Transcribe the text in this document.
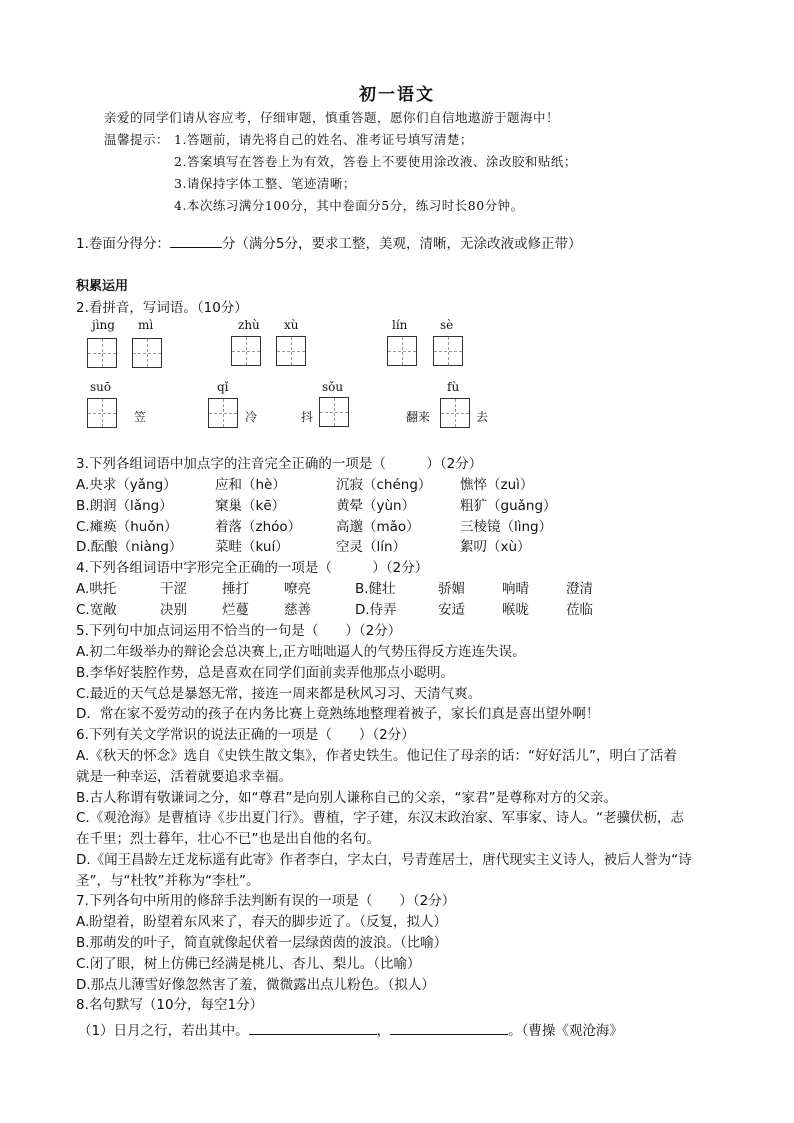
初一语文
亲爱的同学们请从容应考，仔细审题，慎重答题，愿你们自信地遨游于题海中！
温馨提示： 1.答题前，请先将自己的姓名、准考证号填写清楚；
2.答案填写在答卷上为有效，答卷上不要使用涂改液、涂改胶和贴纸；
3.请保持字体工整、笔迹清晰；
4.本次练习满分100分，其中卷面分5分，练习时长80分钟。
1.卷面分得分：	分（满分5分，要求工整，美观，清晰，无涂改液或修正带）
积累运用
2.看拼音，写词语。（10分）
jìng mì	zhù xù	lín	sè
suō	qǐ	sǒu	fù
笠	冷	抖	翻来	去
3.下列各组词语中加点字的注音完全正确的一项是（　　　）（2分）
A.央求（yǎng）	应和（hè）	沉寂（chéng） 憔悴（zuì）
B.朗润（lǎng）	窠巢（kē）	黄晕（yùn）	粗犷（guǎng）
C.瘫痪（huǒn）	着落（zhóo）	高邈（mǎo）	三棱镜（lìng）
D.酝酿（niàng） 菜畦（kuí）	空灵（lín）	絮叨（xù）
4.下列各组词语中字形完全正确的一项是（　　　）（2分）
A.哄托	干涩	捶打	嘹亮	B.健壮	骄媚	响晴	澄清
C.宽敞	决别	烂蔓	慈善	D.侍弄	安适	喉咙	莅临
5.下列句中加点词运用不恰当的一句是（　　）（2分）
A.初二年级举办的辩论会总决赛上,正方咄咄逼人的气势压得反方连连失误。
B.李华好装腔作势，总是喜欢在同学们面前卖弄他那点小聪明。
C.最近的天气总是暴怒无常，接连一周来都是秋风习习、天清气爽。
D．常在家不爱劳动的孩子在内务比赛上竟熟练地整理着被子，家长们真是喜出望外啊！
6.下列有关文学常识的说法正确的一项是（　　）（2分）
A.《秋天的怀念》选自《史铁生散文集》，作者史铁生。他记住了母亲的话：“好好活儿”，明白了活着
就是一种幸运，活着就要追求幸福。
B.古人称谓有敬谦词之分，如“尊君”是向别人谦称自己的父亲，“家君”是尊称对方的父亲。
C.《观沧海》是曹植诗《步出夏门行》。曹植，字子建，东汉末政治家、军事家、诗人。“老骥伏枥，志
在千里；烈士暮年，壮心不已”也是出自他的名句。
D.《闻王昌龄左迁龙标遥有此寄》作者李白，字太白，号青莲居士，唐代现实主义诗人，被后人誉为“诗
圣”，与“杜牧”并称为“李杜”。
7.下列各句中所用的修辞手法判断有误的一项是（　　）（2分）
A.盼望着，盼望着东风来了，春天的脚步近了。（反复，拟人）
B.那萌发的叶子，简直就像起伏着一层绿茵茵的波浪。（比喻）
C.闭了眼，树上仿佛已经满是桃儿、杏儿、梨儿。（比喻）
D.那点儿薄雪好像忽然害了羞，微微露出点儿粉色。（拟人）
8.名句默写（10分，每空1分）
（1）日月之行，若出其中。	，	。（曹操《观沧海》
